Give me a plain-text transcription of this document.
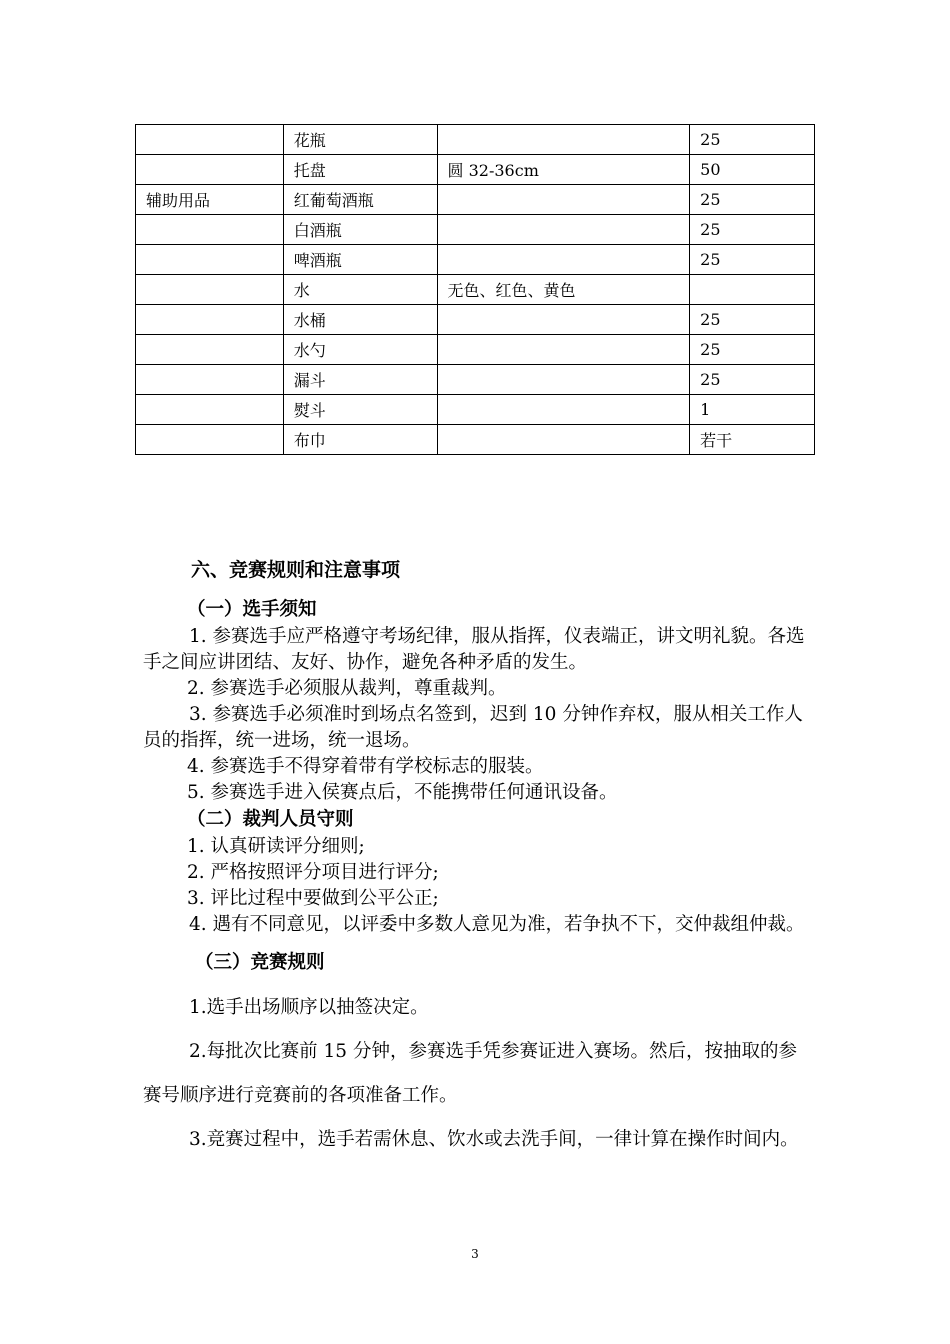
	花瓶		25
	托盘	圆 32-36cm	50
辅助用品	红葡萄酒瓶		25
	白酒瓶		25
	啤酒瓶		25
	水	无色、红色、黄色	
	水桶		25
	水勺		25
	漏斗		25
	熨斗		1
	布巾		若干
六、竞赛规则和注意事项

（一）选手须知

1. 参赛选手应严格遵守考场纪律，服从指挥，仪表端正，讲文明礼貌。各选手之间应讲团结、友好、协作，避免各种矛盾的发生。

2. 参赛选手必须服从裁判，尊重裁判。

3. 参赛选手必须准时到场点名签到，迟到 10 分钟作弃权，服从相关工作人员的指挥，统一进场，统一退场。

4. 参赛选手不得穿着带有学校标志的服装。

5. 参赛选手进入侯赛点后，不能携带任何通讯设备。

（二）裁判人员守则

1. 认真研读评分细则;

2. 严格按照评分项目进行评分;

3. 评比过程中要做到公平公正;

4. 遇有不同意见，以评委中多数人意见为准，若争执不下，交仲裁组仲裁。

（三）竞赛规则

1.选手出场顺序以抽签决定。

2.每批次比赛前 15 分钟，参赛选手凭参赛证进入赛场。然后，按抽取的参赛号顺序进行竞赛前的各项准备工作。

3.竞赛过程中，选手若需休息、饮水或去洗手间，一律计算在操作时间内。

3
